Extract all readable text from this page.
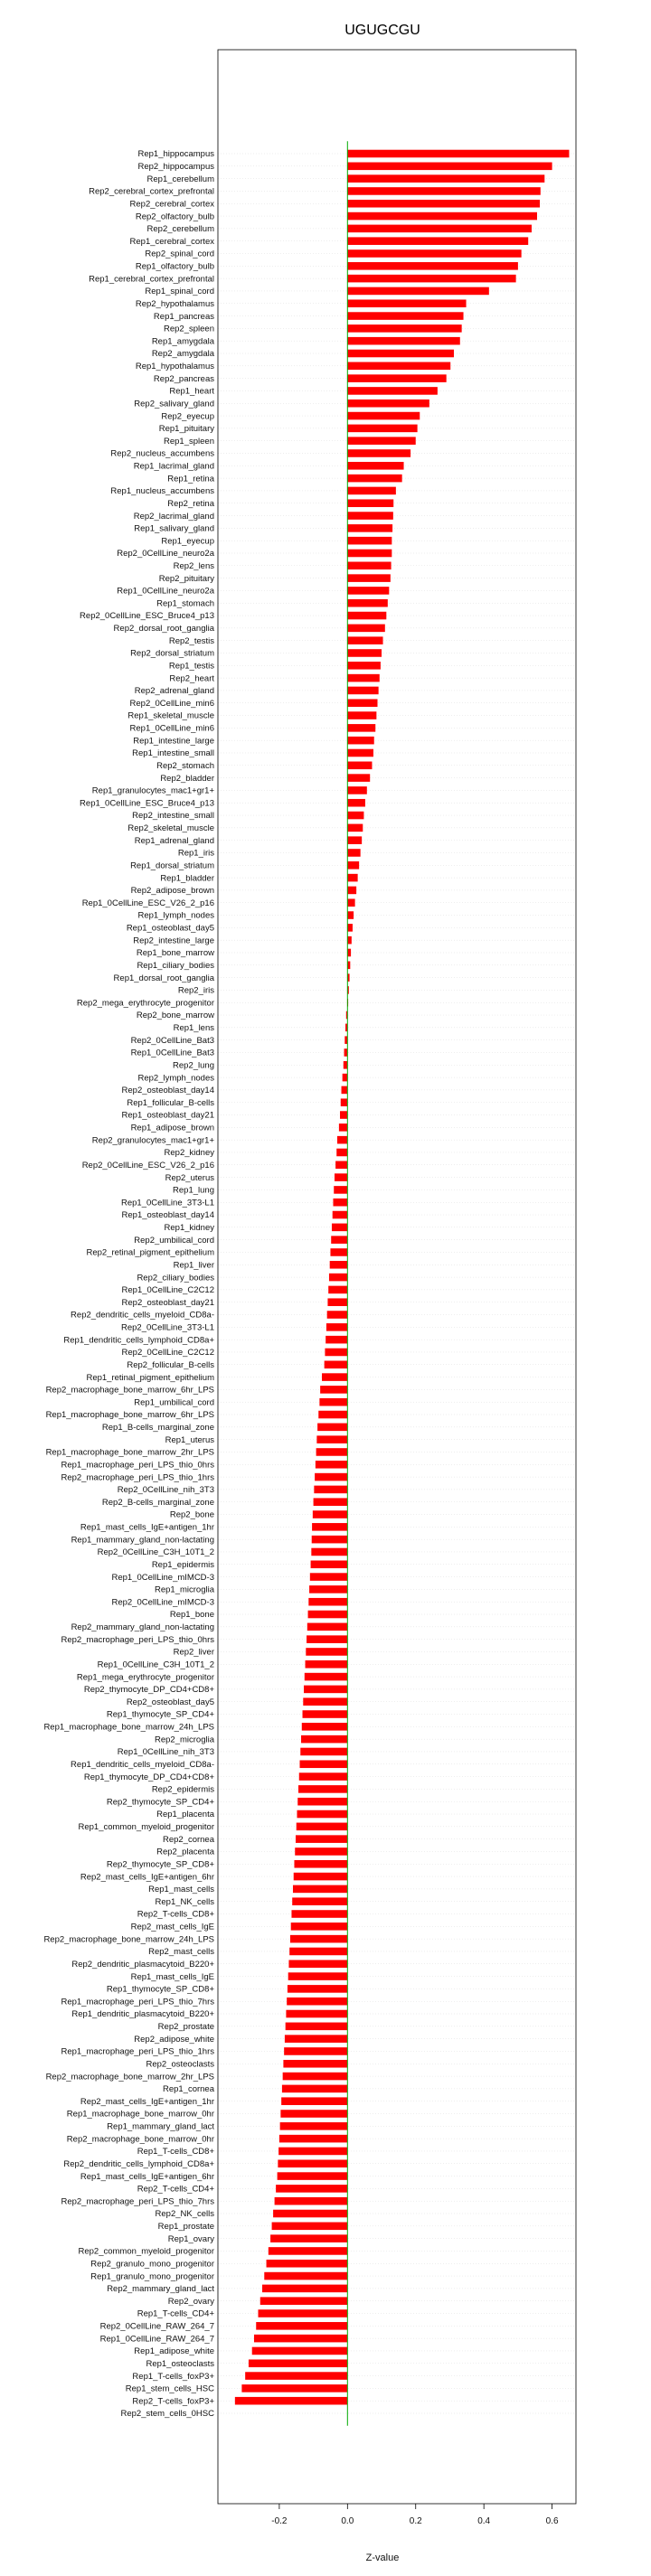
UGUGCGU
Rep1_hippocampus
Rep2_hippocampus
Rep1_cerebellum
Rep2_cerebral_cortex_prefrontal
Rep2_cerebral_cortex
Rep2_olfactory_bulb
Rep2_cerebellum
Rep1_cerebral_cortex
Rep2_spinal_cord
Rep1_olfactory_bulb
Rep1_cerebral_cortex_prefrontal
Rep1_spinal_cord
Rep2_hypothalamus
Rep1_pancreas
Rep2_spleen
Rep1_amygdala
Rep2_amygdala
Rep1_hypothalamus
Rep2_pancreas
Rep1_heart
Rep2_salivary_gland
Rep2_eyecup
Rep1_pituitary
Rep1_spleen
Rep2_nucleus_accumbens
Rep1_lacrimal_gland
Rep1_retina
Rep1_nucleus_accumbens
Rep2_retina
Rep2_lacrimal_gland
Rep1_salivary_gland
Rep1_eyecup
Rep2_0CellLine_neuro2a
Rep2_lens
Rep2_pituitary
Rep1_0CellLine_neuro2a
Rep1_stomach
Rep2_0CellLine_ESC_Bruce4_p13
Rep2_dorsal_root_ganglia
Rep2_testis
Rep2_dorsal_striatum
Rep1_testis
Rep2_heart
Rep2_adrenal_gland
Rep2_0CellLine_min6
Rep1_skeletal_muscle
Rep1_0CellLine_min6
Rep1_intestine_large
Rep1_intestine_small
Rep2_stomach
Rep2_bladder
Rep1_granulocytes_mac1+gr1+
Rep1_0CellLine_ESC_Bruce4_p13
Rep2_intestine_small
Rep2_skeletal_muscle
Rep1_adrenal_gland
Rep1_iris
Rep1_dorsal_striatum
Rep1_bladder
Rep2_adipose_brown
Rep1_0CellLine_ESC_V26_2_p16
Rep1_lymph_nodes
Rep1_osteoblast_day5
Rep2_intestine_large
Rep1_bone_marrow
Rep1_ciliary_bodies
Rep1_dorsal_root_ganglia
Rep2_iris
Rep2_mega_erythrocyte_progenitor
Rep2_bone_marrow
Rep1_lens
Rep2_0CellLine_Bat3
Rep1_0CellLine_Bat3
Rep2_lung
Rep2_lymph_nodes
Rep2_osteoblast_day14
Rep1_follicular_B-cells
Rep1_osteoblast_day21
Rep1_adipose_brown
Rep2_granulocytes_mac1+gr1+
Rep2_kidney
Rep2_0CellLine_ESC_V26_2_p16
Rep2_uterus
Rep1_lung
Rep1_0CellLine_3T3-L1
Rep1_osteoblast_day14
Rep1_kidney
Rep2_umbilical_cord
Rep2_retinal_pigment_epithelium
Rep1_liver
Rep2_ciliary_bodies
Rep1_0CellLine_C2C12
Rep2_osteoblast_day21
Rep2_dendritic_cells_myeloid_CD8a-
Rep2_0CellLine_3T3-L1
Rep1_dendritic_cells_lymphoid_CD8a+
Rep2_0CellLine_C2C12
Rep2_follicular_B-cells
Rep1_retinal_pigment_epithelium
Rep2_macrophage_bone_marrow_6hr_LPS
Rep1_umbilical_cord
Rep1_macrophage_bone_marrow_6hr_LPS
Rep1_B-cells_marginal_zone
Rep1_uterus
Rep1_macrophage_bone_marrow_2hr_LPS
Rep1_macrophage_peri_LPS_thio_0hrs
Rep2_macrophage_peri_LPS_thio_1hrs
Rep2_0CellLine_nih_3T3
Rep2_B-cells_marginal_zone
Rep2_bone
Rep1_mast_cells_IgE+antigen_1hr
Rep1_mammary_gland_non-lactating
Rep2_0CellLine_C3H_10T1_2
Rep1_epidermis
Rep1_0CellLine_mIMCD-3
Rep1_microglia
Rep2_0CellLine_mIMCD-3
Rep1_bone
Rep2_mammary_gland_non-lactating
Rep2_macrophage_peri_LPS_thio_0hrs
Rep2_liver
Rep1_0CellLine_C3H_10T1_2
Rep1_mega_erythrocyte_progenitor
Rep2_thymocyte_DP_CD4+CD8+
Rep2_osteoblast_day5
Rep1_thymocyte_SP_CD4+
Rep1_macrophage_bone_marrow_24h_LPS
Rep2_microglia
Rep1_0CellLine_nih_3T3
Rep1_dendritic_cells_myeloid_CD8a-
Rep1_thymocyte_DP_CD4+CD8+
Rep2_epidermis
Rep2_thymocyte_SP_CD4+
Rep1_placenta
Rep1_common_myeloid_progenitor
Rep2_cornea
Rep2_placenta
Rep2_thymocyte_SP_CD8+
Rep2_mast_cells_IgE+antigen_6hr
Rep1_mast_cells
Rep1_NK_cells
Rep2_T-cells_CD8+
Rep2_mast_cells_IgE
Rep2_macrophage_bone_marrow_24h_LPS
Rep2_mast_cells
Rep2_dendritic_plasmacytoid_B220+
Rep1_mast_cells_IgE
Rep1_thymocyte_SP_CD8+
Rep1_macrophage_peri_LPS_thio_7hrs
Rep1_dendritic_plasmacytoid_B220+
Rep2_prostate
Rep2_adipose_white
Rep1_macrophage_peri_LPS_thio_1hrs
Rep2_osteoclasts
Rep2_macrophage_bone_marrow_2hr_LPS
Rep1_cornea
Rep2_mast_cells_IgE+antigen_1hr
Rep1_macrophage_bone_marrow_0hr
Rep1_mammary_gland_lact
Rep2_macrophage_bone_marrow_0hr
Rep1_T-cells_CD8+
Rep2_dendritic_cells_lymphoid_CD8a+
Rep1_mast_cells_IgE+antigen_6hr
Rep2_T-cells_CD4+
Rep2_macrophage_peri_LPS_thio_7hrs
Rep2_NK_cells
Rep1_prostate
Rep1_ovary
Rep2_common_myeloid_progenitor
Rep2_granulo_mono_progenitor
Rep1_granulo_mono_progenitor
Rep2_mammary_gland_lact
Rep2_ovary
Rep1_T-cells_CD4+
Rep2_0CellLine_RAW_264_7
Rep1_0CellLine_RAW_264_7
Rep1_adipose_white
Rep1_osteoclasts
Rep1_T-cells_foxP3+
Rep1_stem_cells_HSC
Rep2_T-cells_foxP3+
Rep2_stem_cells_0HSC
-0.2	0.0	0.2	0.4	0.6
Z-value
